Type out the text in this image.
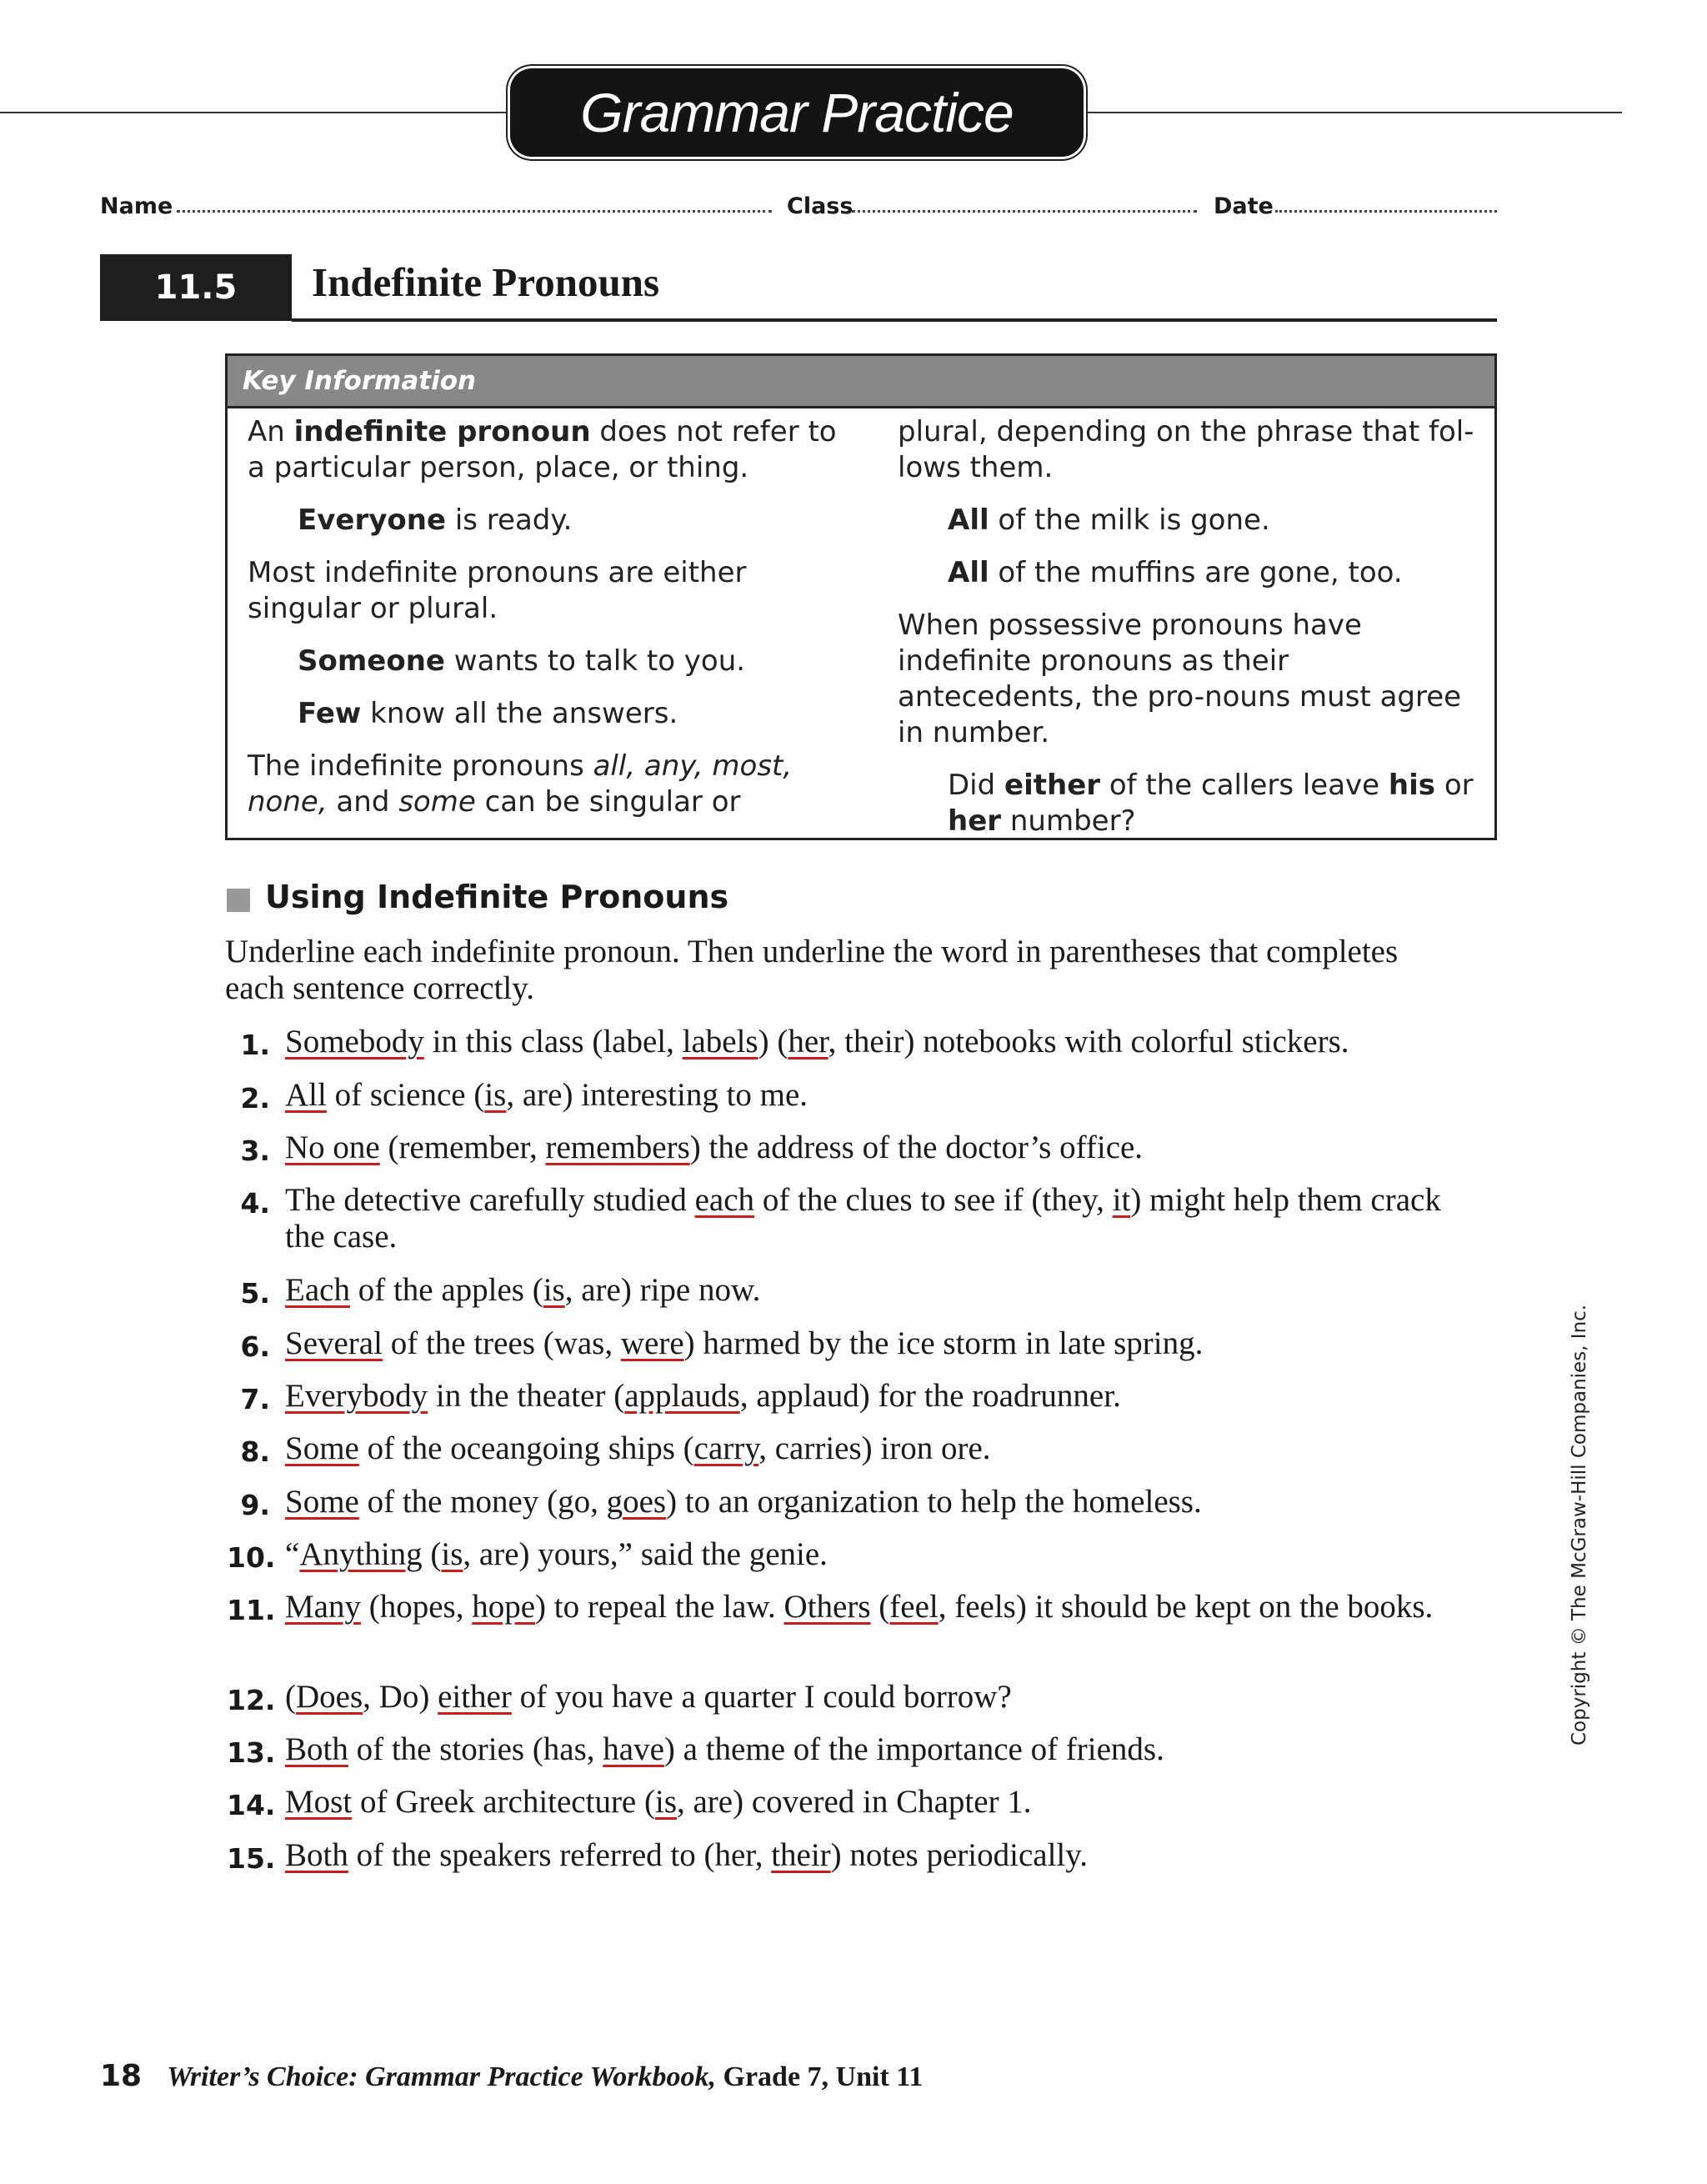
Grammar Practice
Name	Class	Date
11.5	Indefinite Pronouns
Key Information

An indefinite pronoun does not refer to a particular person, place, or thing.

Everyone is ready.

Most indefinite pronouns are either singular or plural.

Someone wants to talk to you.

Few know all the answers.

The indefinite pronouns all, any, most, none, and some can be singular or

plural, depending on the phrase that fol-lows them.

All of the milk is gone.

All of the muffins are gone, too.

When possessive pronouns have indefinite pronouns as their antecedents, the pro-nouns must agree in number.

Did either of the callers leave his or her number?

Using Indefinite Pronouns
Underline each indefinite pronoun. Then underline the word in parentheses that completes each sentence correctly.
1. Somebody in this class (label, labels) (her, their) notebooks with colorful stickers.
2. All of science (is, are) interesting to me.
3. No one (remember, remembers) the address of the doctor’s office.
4. The detective carefully studied each of the clues to see if (they, it) might help them crack the case.
5. Each of the apples (is, are) ripe now.
6. Several of the trees (was, were) harmed by the ice storm in late spring.
7. Everybody in the theater (applauds, applaud) for the roadrunner.
8. Some of the oceangoing ships (carry, carries) iron ore.
9. Some of the money (go, goes) to an organization to help the homeless.
10. “Anything (is, are) yours,” said the genie.
11. Many (hopes, hope) to repeal the law. Others (feel, feels) it should be kept on the books.
12. (Does, Do) either of you have a quarter I could borrow?
13. Both of the stories (has, have) a theme of the importance of friends.
14. Most of Greek architecture (is, are) covered in Chapter 1.
15. Both of the speakers referred to (her, their) notes periodically.
18 Writer’s Choice: Grammar Practice Workbook, Grade 7, Unit 11
Copyright © The McGraw-Hill Companies, Inc.
